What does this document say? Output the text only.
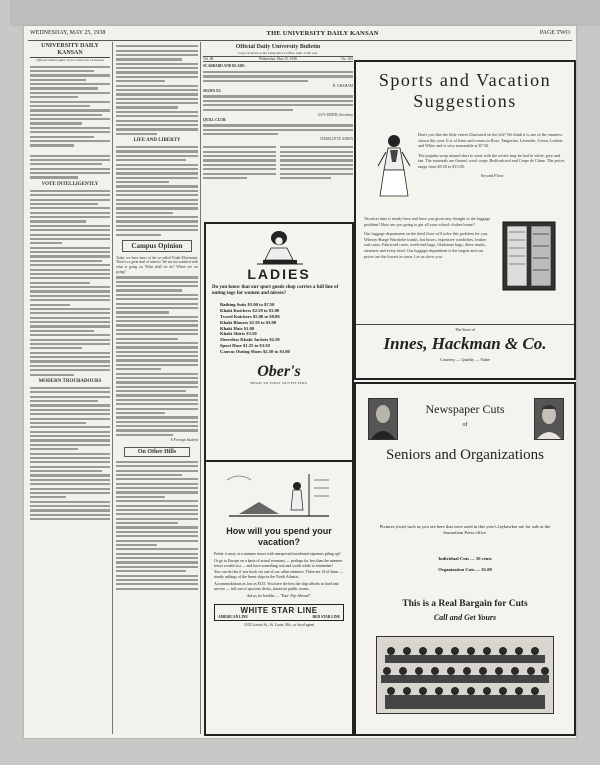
WEDNESDAY, MAY 25, 1938	THE UNIVERSITY DAILY KANSAN	PAGE TWO
UNIVERSITY DAILY KANSAN
Official student paper of the University of Kansas
VOTE INTELLIGENTLY
MODERN TROUBADOURS
LIFE AND LIBERTY
Campus Opinion
Today we have most of the so-called Youth Movement. There is a great deal of interest. We are not satisfied with what is going on. What shall we do? Where are we going?
A Foreign Student
On Other Hills
Official Daily University Bulletin
Copy received at the Chancellor's Office until 11:00 a.m.
Vol. III.	Wednesday, May 25, 1938	No. 163
SCABBARD AND BLADE:
D. GRAHAM
SIGMA XI:
GUY SMITH, Secretary
QUILL CLUB:
CHARLOTTE AIKEN
LADIES
Do you know that our sport goods shop carries a full line of outing togs for women and misses?
Bathing Suits $5.00 to $7.50
Khaki Knickers $2.50 to $3.00
Tweed Knickers $5.00 to $8.00
Khaki Blouses $2.50 to $3.00
Khaki Hats $1.00
Khaki Shirts $3.50
Sleeveless Khaki Jackets $2.50
Sport Hose $1.25 to $3.50
Canvas Outing Shoes $2.50 to $3.00
Ober's
HEAD TO FOOT OUTFITTERS
How will you spend your vacation?

Fritter it away at a summer resort with unexpected incidental expenses piling up?

Or go to Europe on a basis of actual economy — perhaps for less than the summer resort would cost — and have something real and worth while to remember!

You can do this if you book via one of our cabin steamers. There are 14 of them — steady sailings of the finest ships in the North Atlantic.

Accommodations as low as $115. You have the best the ship affords in food and service — full run of spacious decks, attractive public rooms.

Ask us for booklet — "Your Trip Abroad".

WHITE STAR LINE
AMERICAN LINE	RED STAR LINE
1101 Locust St., St. Louis, Mo., or local agent
Sports and Vacation Suggestions

Don't you like the little vestee illustrated on the left? We think it is one of the smartest shown this year. It is of linen and comes in Rose, Tangerine, Lavender, Green, Leather and White and is very reasonable at $7.50.

The popular wrap around skirt to wear with the vestee may be had in white, grey and tan. The materials are flannel, wool crepe, Bedfordcord and Crepe de Chine. The prices range from $9.50 to $15.00.

Second Floor

Vacation time is nearly here and have you given any thought to the luggage problem? How are you going to get all your school clothes home?

Our luggage department on the third floor will solve this problem for you. Wheary-Burge Wardrobe trunks, hat boxes, expensive wardrobes, leather suit cases, Fabricoid cases, week-end bags, Gladstone bags, dress trunks, steamers and every kind. Our luggage department is the largest and our prices are the lowest in town. Let us show you.

The Store of
Innes, Hackman & Co.
Courtesy — Quality — Value
Newspaper Cuts
of
Seniors and Organizations
Pictures (cuts) such as you see here that were used in this year's Jayhawker are for sale at the Journalism Press office.
Individual Cuts — 50 cents
Organization Cuts — $1.00
This is a Real Bargain for Cuts
Call and Get Yours
